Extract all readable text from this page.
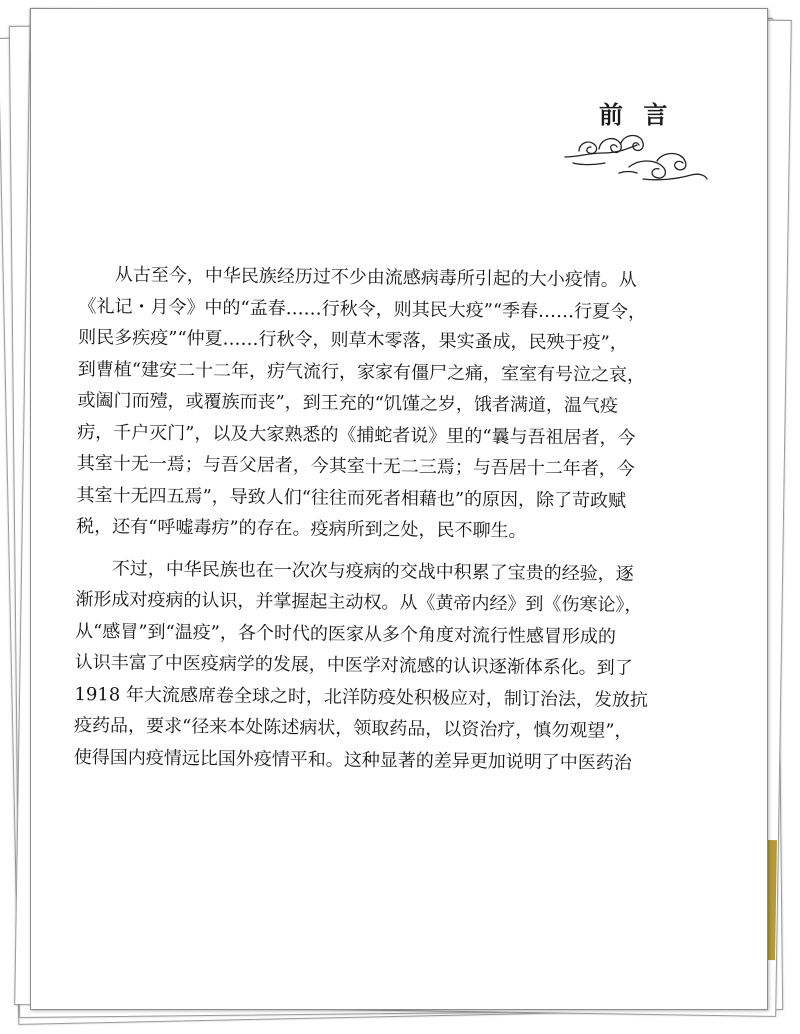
前 言
　　从古至今，中华民族经历过不少由流感病毒所引起的大小疫情。从
《礼记・月令》中的“孟春……行秋令，则其民大疫”“季春……行夏令，
则民多疾疫”“仲夏……行秋令，则草木零落，果实蚤成，民殃于疫”，
到曹植“建安二十二年，疠气流行，家家有僵尸之痛，室室有号泣之哀，
或阖门而殪，或覆族而丧”，到王充的“饥馑之岁，饿者满道，温气疫
疠，千户灭门”，以及大家熟悉的《捕蛇者说》里的“曩与吾祖居者，今
其室十无一焉；与吾父居者，今其室十无二三焉；与吾居十二年者，今
其室十无四五焉”，导致人们“往往而死者相藉也”的原因，除了苛政赋
税，还有“呼嘘毒疠”的存在。疫病所到之处，民不聊生。
　　不过，中华民族也在一次次与疫病的交战中积累了宝贵的经验，逐
渐形成对疫病的认识，并掌握起主动权。从《黄帝内经》到《伤寒论》，
从“感冒”到“温疫”，各个时代的医家从多个角度对流行性感冒形成的
认识丰富了中医疫病学的发展，中医学对流感的认识逐渐体系化。到了
1918 年大流感席卷全球之时，北洋防疫处积极应对，制订治法，发放抗
疫药品，要求“径来本处陈述病状，领取药品，以资治疗，慎勿观望”，
使得国内疫情远比国外疫情平和。这种显著的差异更加说明了中医药治
